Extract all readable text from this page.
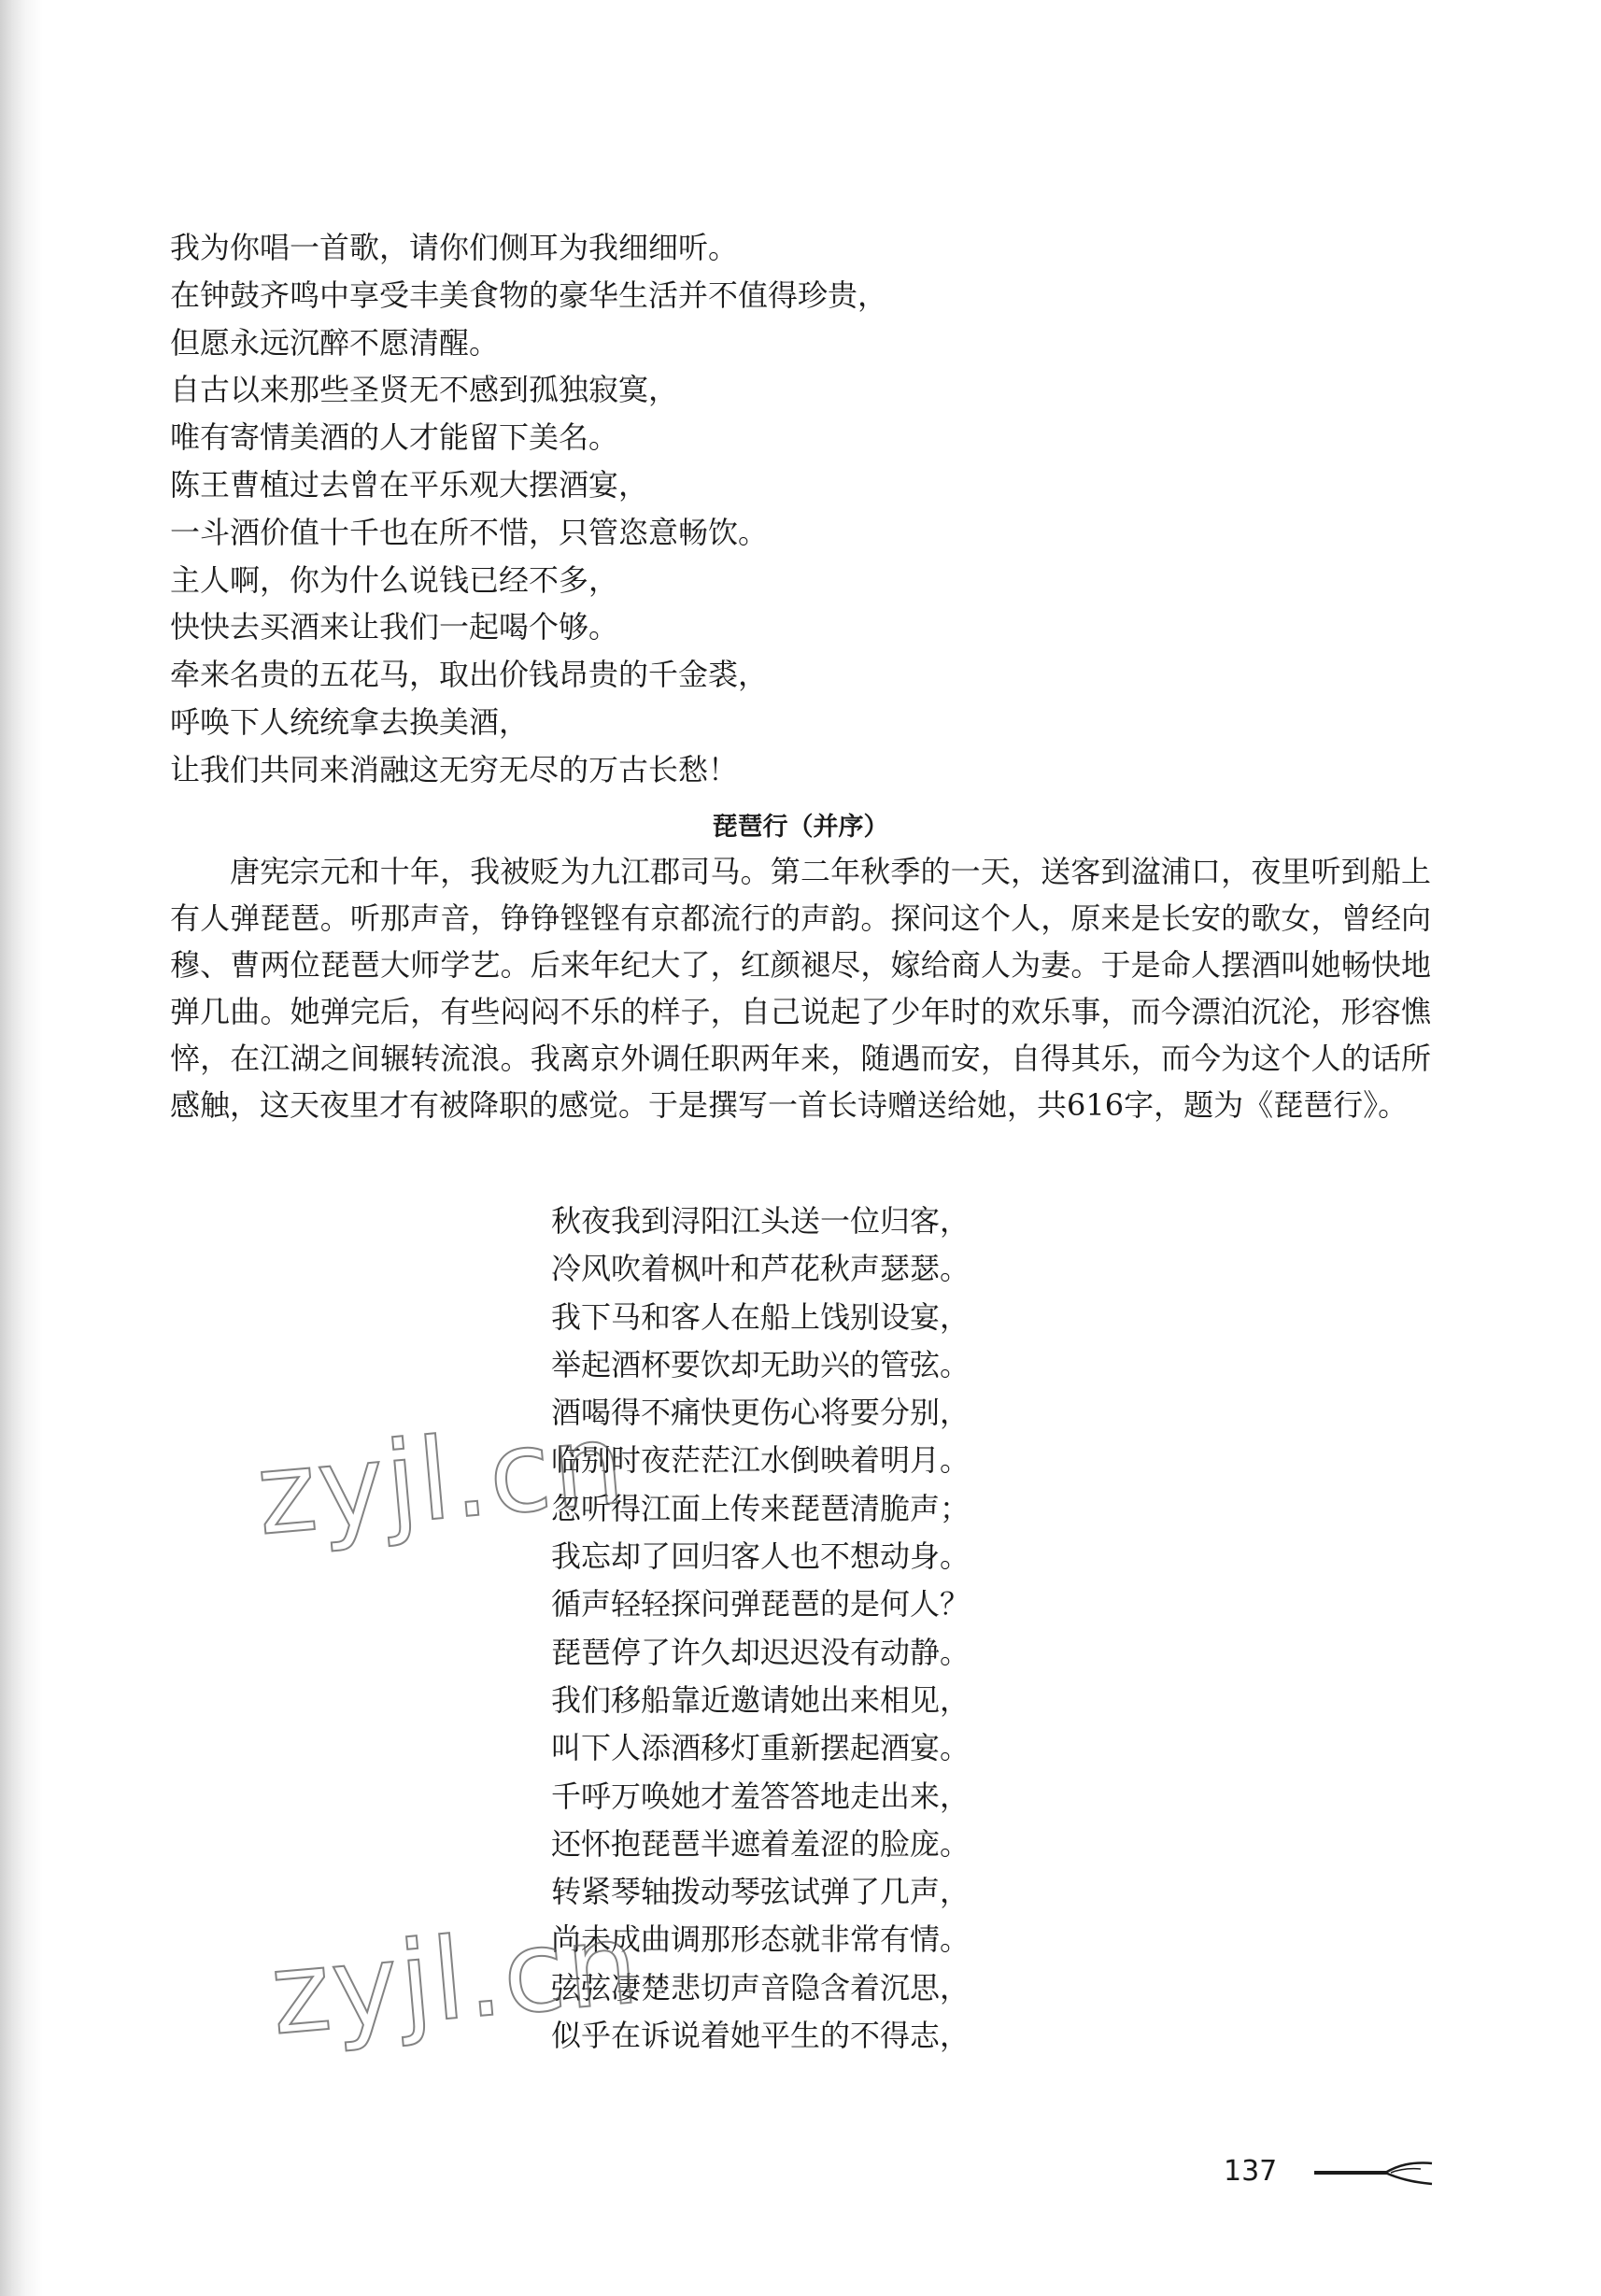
我为你唱一首歌，请你们侧耳为我细细听。
在钟鼓齐鸣中享受丰美食物的豪华生活并不值得珍贵，
但愿永远沉醉不愿清醒。
自古以来那些圣贤无不感到孤独寂寞，
唯有寄情美酒的人才能留下美名。
陈王曹植过去曾在平乐观大摆酒宴，
一斗酒价值十千也在所不惜，只管恣意畅饮。
主人啊，你为什么说钱已经不多，
快快去买酒来让我们一起喝个够。
牵来名贵的五花马，取出价钱昂贵的千金裘，
呼唤下人统统拿去换美酒，
让我们共同来消融这无穷无尽的万古长愁！
琵琶行（并序）

唐宪宗元和十年，我被贬为九江郡司马。第二年秋季的一天，送客到湓浦口，夜里听到船上有人弹琵琶。听那声音，铮铮铿铿有京都流行的声韵。探问这个人，原来是长安的歌女，曾经向穆、曹两位琵琶大师学艺。后来年纪大了，红颜褪尽，嫁给商人为妻。于是命人摆酒叫她畅快地弹几曲。她弹完后，有些闷闷不乐的样子，自己说起了少年时的欢乐事，而今漂泊沉沦，形容憔悴，在江湖之间辗转流浪。我离京外调任职两年来，随遇而安，自得其乐，而今为这个人的话所感触，这天夜里才有被降职的感觉。于是撰写一首长诗赠送给她，共616字，题为《琵琶行》。

秋夜我到浔阳江头送一位归客，
冷风吹着枫叶和芦花秋声瑟瑟。
我下马和客人在船上饯别设宴，
举起酒杯要饮却无助兴的管弦。
酒喝得不痛快更伤心将要分别，
临别时夜茫茫江水倒映着明月。
忽听得江面上传来琵琶清脆声；
我忘却了回归客人也不想动身。
循声轻轻探问弹琵琶的是何人？
琵琶停了许久却迟迟没有动静。
我们移船靠近邀请她出来相见，
叫下人添酒移灯重新摆起酒宴。
千呼万唤她才羞答答地走出来，
还怀抱琵琶半遮着羞涩的脸庞。
转紧琴轴拨动琴弦试弹了几声，
尚未成曲调那形态就非常有情。
弦弦凄楚悲切声音隐含着沉思，
似乎在诉说着她平生的不得志，
zyjl.cn
zyjl.cn
137
